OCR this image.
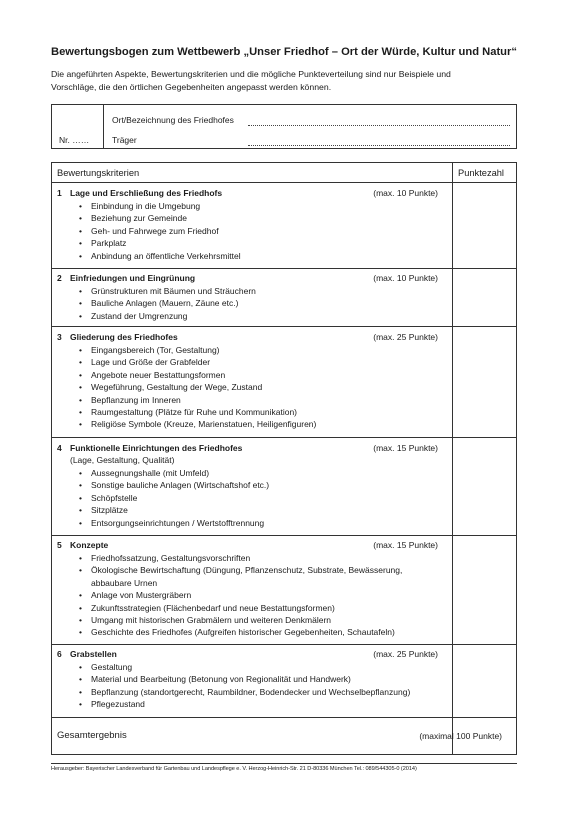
Bewertungsbogen zum Wettbewerb „Unser Friedhof – Ort der Würde, Kultur und Natur“
Die angeführten Aspekte, Bewertungskriterien und die mögliche Punkteverteilung sind nur Beispiele und
Vorschläge, die den örtlichen Gegebenheiten angepasst werden können.
Nr. ……
Ort/Bezeichnung des Friedhofes
Träger
Bewertungskriterien	Punktezahl
1 Lage und Erschließung des Friedhofs	(max. 10 Punkte)
• Einbindung in die Umgebung
• Beziehung zur Gemeinde
• Geh- und Fahrwege zum Friedhof
• Parkplatz
• Anbindung an öffentliche Verkehrsmittel
2 Einfriedungen und Eingrünung	(max. 10 Punkte)
• Grünstrukturen mit Bäumen und Sträuchern
• Bauliche Anlagen (Mauern, Zäune etc.)
• Zustand der Umgrenzung
3 Gliederung des Friedhofes	(max. 25 Punkte)
• Eingangsbereich (Tor, Gestaltung)
• Lage und Größe der Grabfelder
• Angebote neuer Bestattungsformen
• Wegeführung, Gestaltung der Wege, Zustand
• Bepflanzung im Inneren
• Raumgestaltung (Plätze für Ruhe und Kommunikation)
• Religiöse Symbole (Kreuze, Marienstatuen, Heiligenfiguren)
4 Funktionelle Einrichtungen des Friedhofes	(max. 15 Punkte)
(Lage, Gestaltung, Qualität)
• Aussegnungshalle (mit Umfeld)
• Sonstige bauliche Anlagen (Wirtschaftshof etc.)
• Schöpfstelle
• Sitzplätze
• Entsorgungseinrichtungen / Wertstofftrennung
5 Konzepte	(max. 15 Punkte)
• Friedhofssatzung, Gestaltungsvorschriften
• Ökologische Bewirtschaftung (Düngung, Pflanzenschutz, Substrate, Bewässerung,
abbaubare Urnen
• Anlage von Mustergräbern
• Zukunftsstrategien (Flächenbedarf und neue Bestattungsformen)
• Umgang mit historischen Grabmälern und weiteren Denkmälern
• Geschichte des Friedhofes (Aufgreifen historischer Gegebenheiten, Schautafeln)
6 Grabstellen	(max. 25 Punkte)
• Gestaltung
• Material und Bearbeitung (Betonung von Regionalität und Handwerk)
• Bepflanzung (standortgerecht, Raumbildner, Bodendecker und Wechselbepflanzung)
• Pflegezustand
Gesamtergebnis	(maximal 100 Punkte)
Herausgeber: Bayerischer Landesverband für Gartenbau und Landespflege e. V. Herzog-Heinrich-Str. 21 D-80336 München Tel.: 089/544305-0 (2014)
